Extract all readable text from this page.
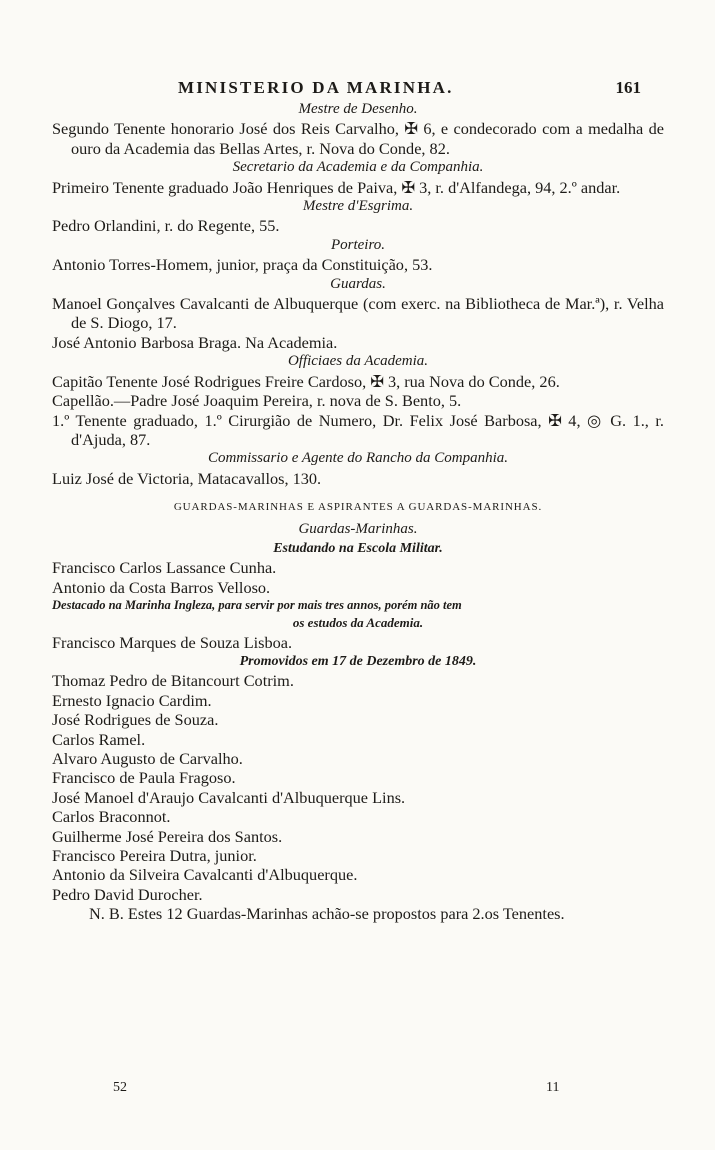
MINISTERIO DA MARINHA.	161

Mestre de Desenho.

Segundo Tenente honorario José dos Reis Carvalho, ✠ 6, e condecorado com a medalha de ouro da Academia das Bellas Artes, r. Nova do Conde, 82.

Secretario da Academia e da Companhia.

Primeiro Tenente graduado João Henriques de Paiva, ✠ 3, r. d'Alfandega, 94, 2.º andar.

Mestre d'Esgrima.

Pedro Orlandini, r. do Regente, 55.

Porteiro.

Antonio Torres-Homem, junior, praça da Constituição, 53.

Guardas.

Manoel Gonçalves Cavalcanti de Albuquerque (com exerc. na Bibliotheca de Mar.ª), r. Velha de S. Diogo, 17.

José Antonio Barbosa Braga. Na Academia.

Officiaes da Academia.

Capitão Tenente José Rodrigues Freire Cardoso, ✠ 3, rua Nova do Conde, 26.

Capellão.—Padre José Joaquim Pereira, r. nova de S. Bento, 5.

1.º Tenente graduado, 1.º Cirurgião de Numero, Dr. Felix José Barbosa, ✠ 4, ◎ G. 1., r. d'Ajuda, 87.

Commissario e Agente do Rancho da Companhia.

Luiz José de Victoria, Matacavallos, 130.

GUARDAS-MARINHAS E ASPIRANTES A GUARDAS-MARINHAS.

Guardas-Marinhas.

Estudando na Escola Militar.

Francisco Carlos Lassance Cunha.

Antonio da Costa Barros Velloso.

Destacado na Marinha Ingleza, para servir por mais tres annos, porém não tem

os estudos da Academia.

Francisco Marques de Souza Lisboa.

Promovidos em 17 de Dezembro de 1849.

Thomaz Pedro de Bitancourt Cotrim.

Ernesto Ignacio Cardim.

José Rodrigues de Souza.

Carlos Ramel.

Alvaro Augusto de Carvalho.

Francisco de Paula Fragoso.

José Manoel d'Araujo Cavalcanti d'Albuquerque Lins.

Carlos Braconnot.

Guilherme José Pereira dos Santos.

Francisco Pereira Dutra, junior.

Antonio da Silveira Cavalcanti d'Albuquerque.

Pedro David Durocher.

N. B. Estes 12 Guardas-Marinhas achão-se propostos para 2.os Tenentes.

52	11
